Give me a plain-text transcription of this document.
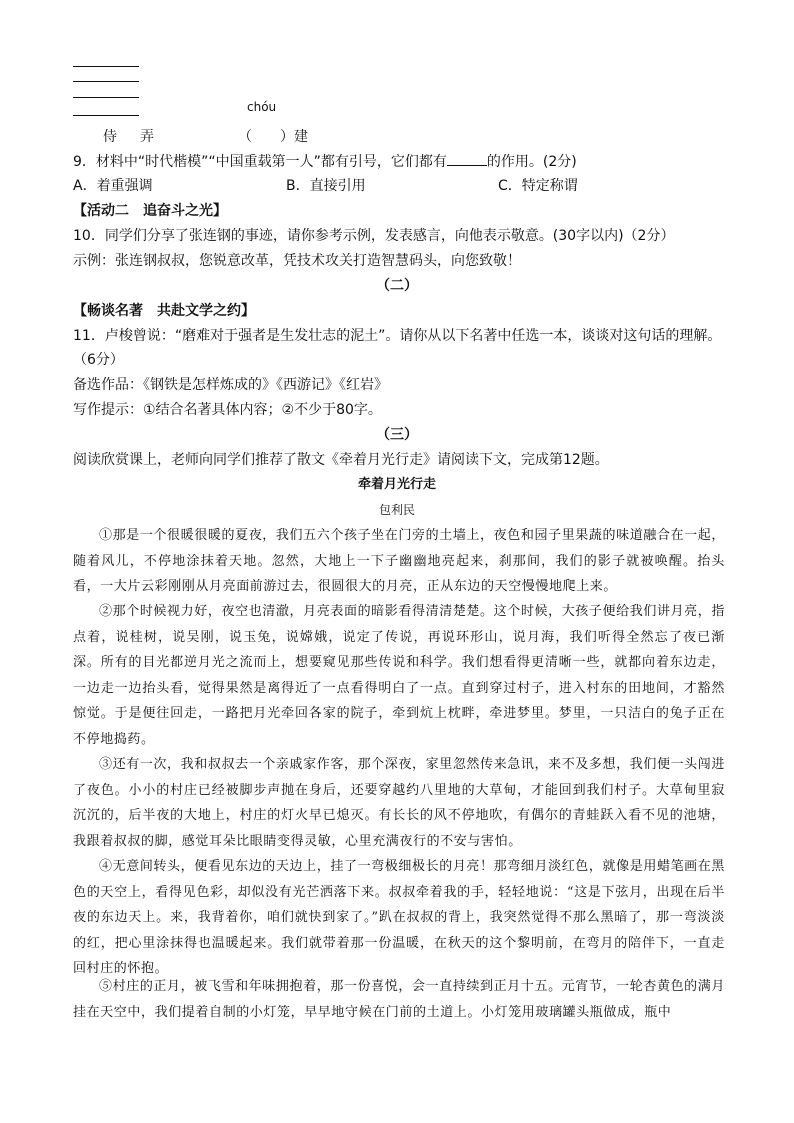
chóu
侍 弄	（　　）建
9．材料中“时代楷模”“中国重载第一人”都有引号，它们都有	的作用。(2分)
A．着重强调	B．直接引用	C．特定称谓
【活动二　追奋斗之光】
10．同学们分享了张连钢的事迹，请你参考示例，发表感言，向他表示敬意。(30字以内)（2分）
示例：张连钢叔叔，您锐意改革，凭技术攻关打造智慧码头，向您致敬！
（二）
【畅谈名著　共赴文学之约】
11．卢梭曾说：“磨难对于强者是生发壮志的泥土”。请你从以下名著中任选一本，谈谈对这句话的理解。
（6分）
备选作品：《钢铁是怎样炼成的》《西游记》《红岩》
写作提示：①结合名著具体内容；②不少于80字。
（三）
阅读欣赏课上，老师向同学们推荐了散文《牵着月光行走》请阅读下文，完成第12题。
牵着月光行走
包利民
①那是一个很暖很暖的夏夜，我们五六个孩子坐在门旁的土墙上，夜色和园子里果蔬的味道融合在一起，随着风儿，不停地涂抹着天地。忽然，大地上一下子幽幽地亮起来，刹那间，我们的影子就被唤醒。抬头看，一大片云彩刚刚从月亮面前游过去，很圆很大的月亮，正从东边的天空慢慢地爬上来。
②那个时候视力好，夜空也清澈，月亮表面的暗影看得清清楚楚。这个时候，大孩子便给我们讲月亮，指点着，说桂树，说吴刚，说玉兔，说嫦娥，说定了传说，再说环形山，说月海，我们听得全然忘了夜已渐深。所有的目光都逆月光之流而上，想要窥见那些传说和科学。我们想看得更清晰一些，就都向着东边走，一边走一边抬头看，觉得果然是离得近了一点看得明白了一点。直到穿过村子，进入村东的田地间，才豁然惊觉。于是便往回走，一路把月光牵回各家的院子，牵到炕上枕畔，牵进梦里。梦里，一只洁白的兔子正在不停地捣药。
③还有一次，我和叔叔去一个亲戚家作客，那个深夜，家里忽然传来急讯，来不及多想，我们便一头闯进了夜色。小小的村庄已经被脚步声抛在身后，还要穿越约八里地的大草甸，才能回到我们村子。大草甸里寂沉沉的，后半夜的大地上，村庄的灯火早已熄灭。有长长的风不停地吹，有偶尔的青蛙跃入看不见的池塘，我跟着叔叔的脚，感觉耳朵比眼睛变得灵敏，心里充满夜行的不安与害怕。
④无意间转头，便看见东边的天边上，挂了一弯极细极长的月亮！那弯细月淡红色，就像是用蜡笔画在黑色的天空上，看得见色彩，却似没有光芒洒落下来。叔叔牵着我的手，轻轻地说：“这是下弦月，出现在后半夜的东边天上。来，我背着你，咱们就快到家了。”趴在叔叔的背上，我突然觉得不那么黑暗了，那一弯淡淡的红，把心里涂抹得也温暖起来。我们就带着那一份温暖，在秋天的这个黎明前，在弯月的陪伴下，一直走回村庄的怀抱。
⑤村庄的正月，被飞雪和年味拥抱着，那一份喜悦，会一直持续到正月十五。元宵节，一轮杏黄色的满月挂在天空中，我们提着自制的小灯笼，早早地守候在门前的土道上。小灯笼用玻璃罐头瓶做成，瓶中
